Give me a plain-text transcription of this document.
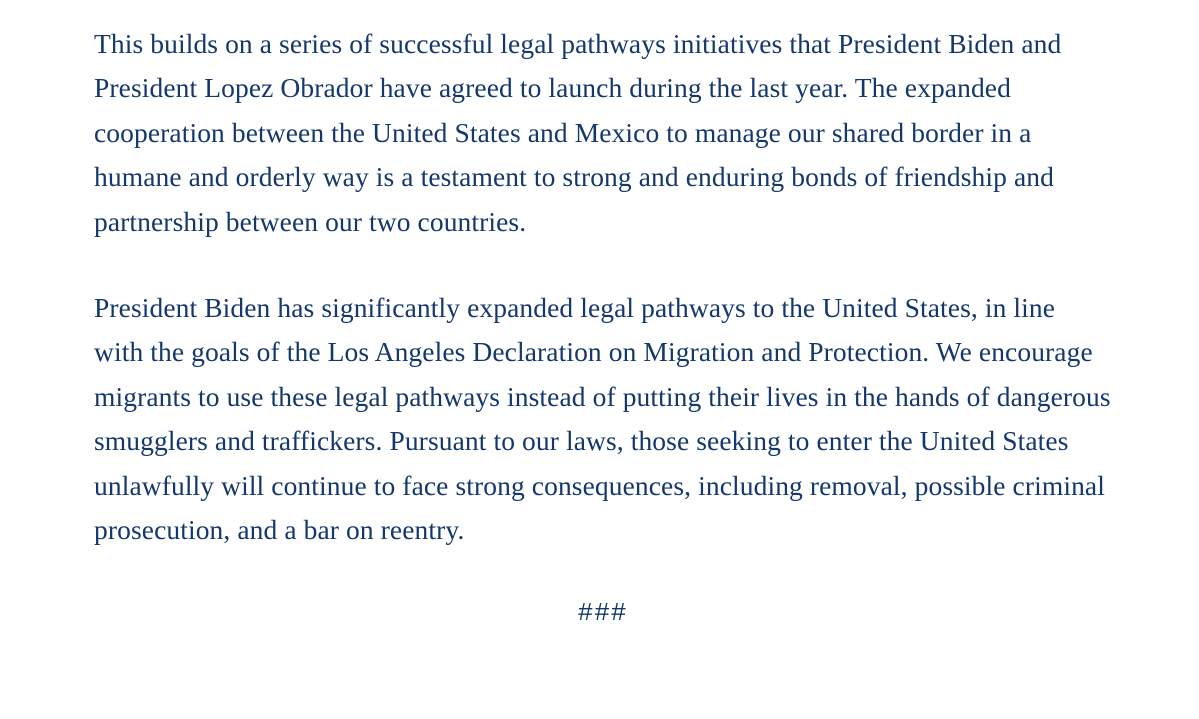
This builds on a series of successful legal pathways initiatives that President Biden and President Lopez Obrador have agreed to launch during the last year. The expanded cooperation between the United States and Mexico to manage our shared border in a humane and orderly way is a testament to strong and enduring bonds of friendship and partnership between our two countries.

President Biden has significantly expanded legal pathways to the United States, in line with the goals of the Los Angeles Declaration on Migration and Protection. We encourage migrants to use these legal pathways instead of putting their lives in the hands of dangerous smugglers and traffickers. Pursuant to our laws, those seeking to enter the United States unlawfully will continue to face strong consequences, including removal, possible criminal prosecution, and a bar on reentry.

###
